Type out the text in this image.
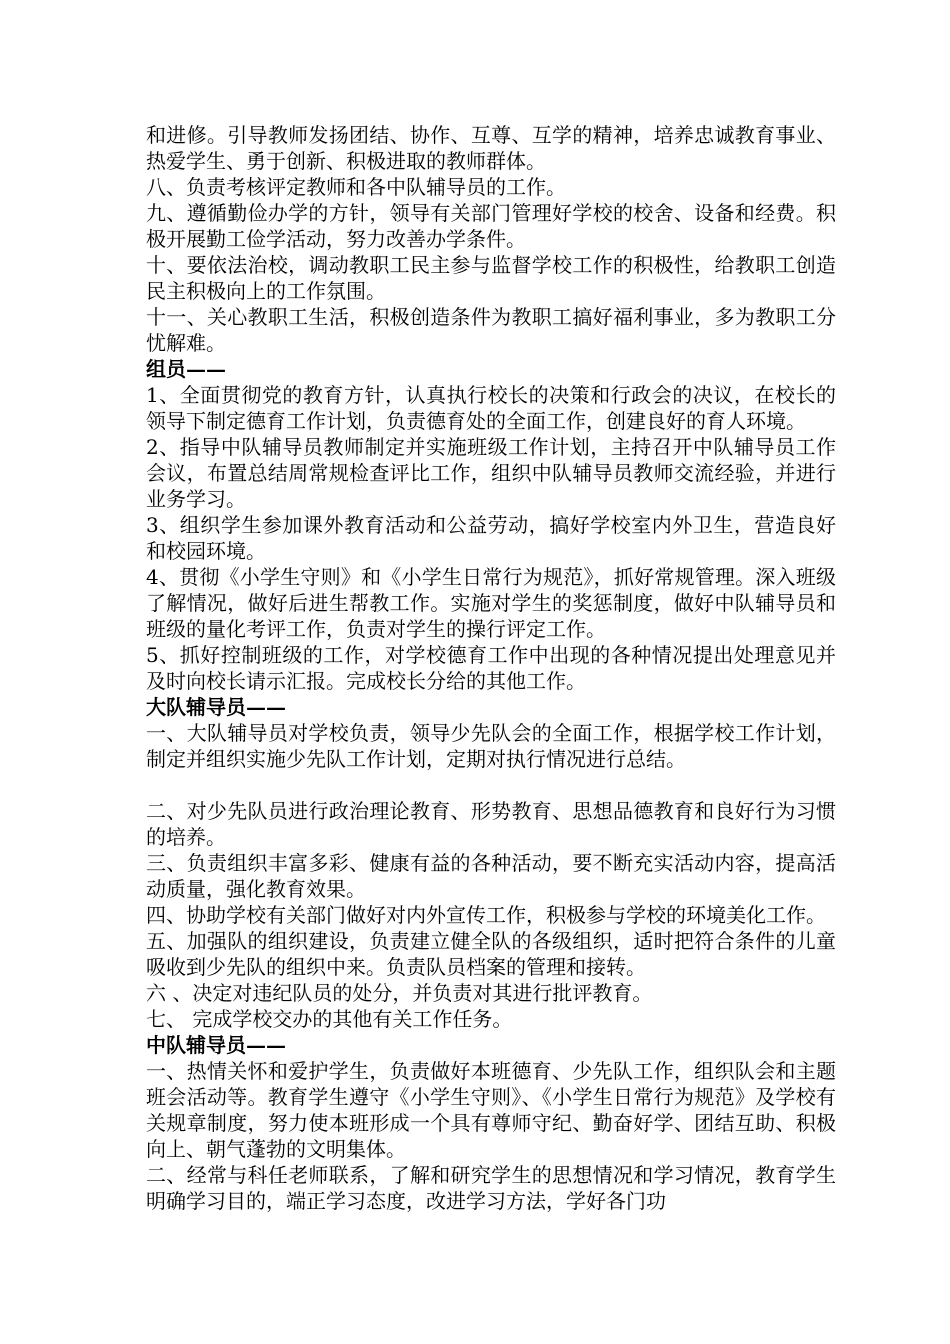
和进修。引导教师发扬团结、协作、互尊、互学的精神，培养忠诚教育事业、热爱学生、勇于创新、积极进取的教师群体。

八、负责考核评定教师和各中队辅导员的工作。

九、遵循勤俭办学的方针，领导有关部门管理好学校的校舍、设备和经费。积极开展勤工俭学活动，努力改善办学条件。

十、要依法治校，调动教职工民主参与监督学校工作的积极性，给教职工创造民主积极向上的工作氛围。

十一、关心教职工生活，积极创造条件为教职工搞好福利事业，多为教职工分忧解难。

组员——

1、全面贯彻党的教育方针，认真执行校长的决策和行政会的决议，在校长的领导下制定德育工作计划，负责德育处的全面工作，创建良好的育人环境。

2、指导中队辅导员教师制定并实施班级工作计划，主持召开中队辅导员工作会议，布置总结周常规检查评比工作，组织中队辅导员教师交流经验，并进行业务学习。

3、组织学生参加课外教育活动和公益劳动，搞好学校室内外卫生，营造良好和校园环境。

4、贯彻《小学生守则》和《小学生日常行为规范》，抓好常规管理。深入班级了解情况，做好后进生帮教工作。实施对学生的奖惩制度，做好中队辅导员和班级的量化考评工作，负责对学生的操行评定工作。

5、抓好控制班级的工作，对学校德育工作中出现的各种情况提出处理意见并及时向校长请示汇报。完成校长分给的其他工作。

大队辅导员——

一、大队辅导员对学校负责，领导少先队会的全面工作，根据学校工作计划，制定并组织实施少先队工作计划，定期对执行情况进行总结。

二、对少先队员进行政治理论教育、形势教育、思想品德教育和良好行为习惯的培养。

三、负责组织丰富多彩、健康有益的各种活动，要不断充实活动内容，提高活动质量，强化教育效果。

四、协助学校有关部门做好对内外宣传工作，积极参与学校的环境美化工作。

五、加强队的组织建设，负责建立健全队的各级组织，适时把符合条件的儿童吸收到少先队的组织中来。负责队员档案的管理和接转。

六 、决定对违纪队员的处分，并负责对其进行批评教育。

七、 完成学校交办的其他有关工作任务。

中队辅导员——

一、热情关怀和爱护学生，负责做好本班德育、少先队工作，组织队会和主题班会活动等。教育学生遵守《小学生守则》、《小学生日常行为规范》及学校有关规章制度，努力使本班形成一个具有尊师守纪、勤奋好学、团结互助、积极向上、朝气蓬勃的文明集体。

二、经常与科任老师联系，了解和研究学生的思想情况和学习情况，教育学生明确学习目的，端正学习态度，改进学习方法，学好各门功
